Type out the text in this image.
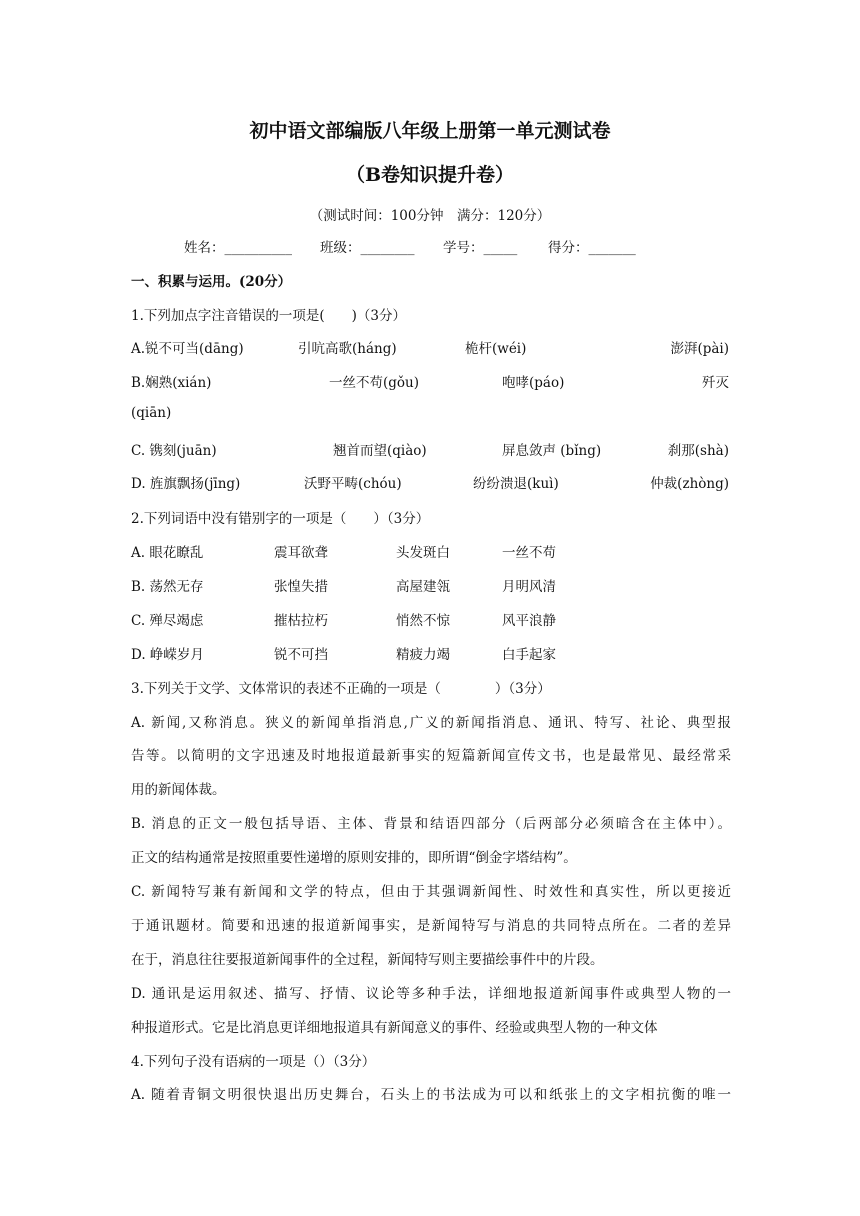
初中语文部编版八年级上册第一单元测试卷
（B卷知识提升卷）
（测试时间：100分钟　满分：120分）
姓名：__________ 班级：________ 学号：_____ 得分：_______
一、积累与运用。(20分）
1.下列加点字注音错误的一项是(　　)（3分）
A.锐不可当(dāng)	引吭高歌(háng)	桅杆(wéi)	澎湃(pài)
B.娴熟(xián)	一丝不苟(gǒu)	咆哮(páo)	歼灭
(qiān)
C. 镌刻(juān)	翘首而望(qiào)	屏息敛声 (bǐng)	刹那(shà)
D. 旌旗飘扬(jīng)	沃野平畴(chóu)	纷纷溃退(kuì)	仲裁(zhòng)
2.下列词语中没有错别字的一项是（　　）（3分）
A. 眼花瞭乱	震耳欲聋	头发斑白	一丝不苟
B. 荡然无存	张惶失措	高屋建瓴	月明风清
C. 殚尽竭虑	摧枯拉朽	悄然不惊	风平浪静
D. 峥嵘岁月	锐不可挡	精疲力竭	白手起家
3.下列关于文学、文体常识的表述不正确的一项是（　　　　）（3分）
A. 新闻,又称消息。狭义的新闻单指消息,广义的新闻指消息、通讯、特写、社论、典型报
告等。以简明的文字迅速及时地报道最新事实的短篇新闻宣传文书，也是最常见、最经常采
用的新闻体裁。
B. 消息的正文一般包括导语、主体、背景和结语四部分（后两部分必须暗含在主体中）。
正文的结构通常是按照重要性递增的原则安排的，即所谓“倒金字塔结构”。
C. 新闻特写兼有新闻和文学的特点，但由于其强调新闻性、时效性和真实性，所以更接近
于通讯题材。简要和迅速的报道新闻事实，是新闻特写与消息的共同特点所在。二者的差异
在于，消息往往要报道新闻事件的全过程，新闻特写则主要描绘事件中的片段。
D. 通讯是运用叙述、描写、抒情、议论等多种手法，详细地报道新闻事件或典型人物的一
种报道形式。它是比消息更详细地报道具有新闻意义的事件、经验或典型人物的一种文体
4.下列句子没有语病的一项是（）（3分）
A. 随着青铜文明很快退出历史舞台，石头上的书法成为可以和纸张上的文字相抗衡的唯一
